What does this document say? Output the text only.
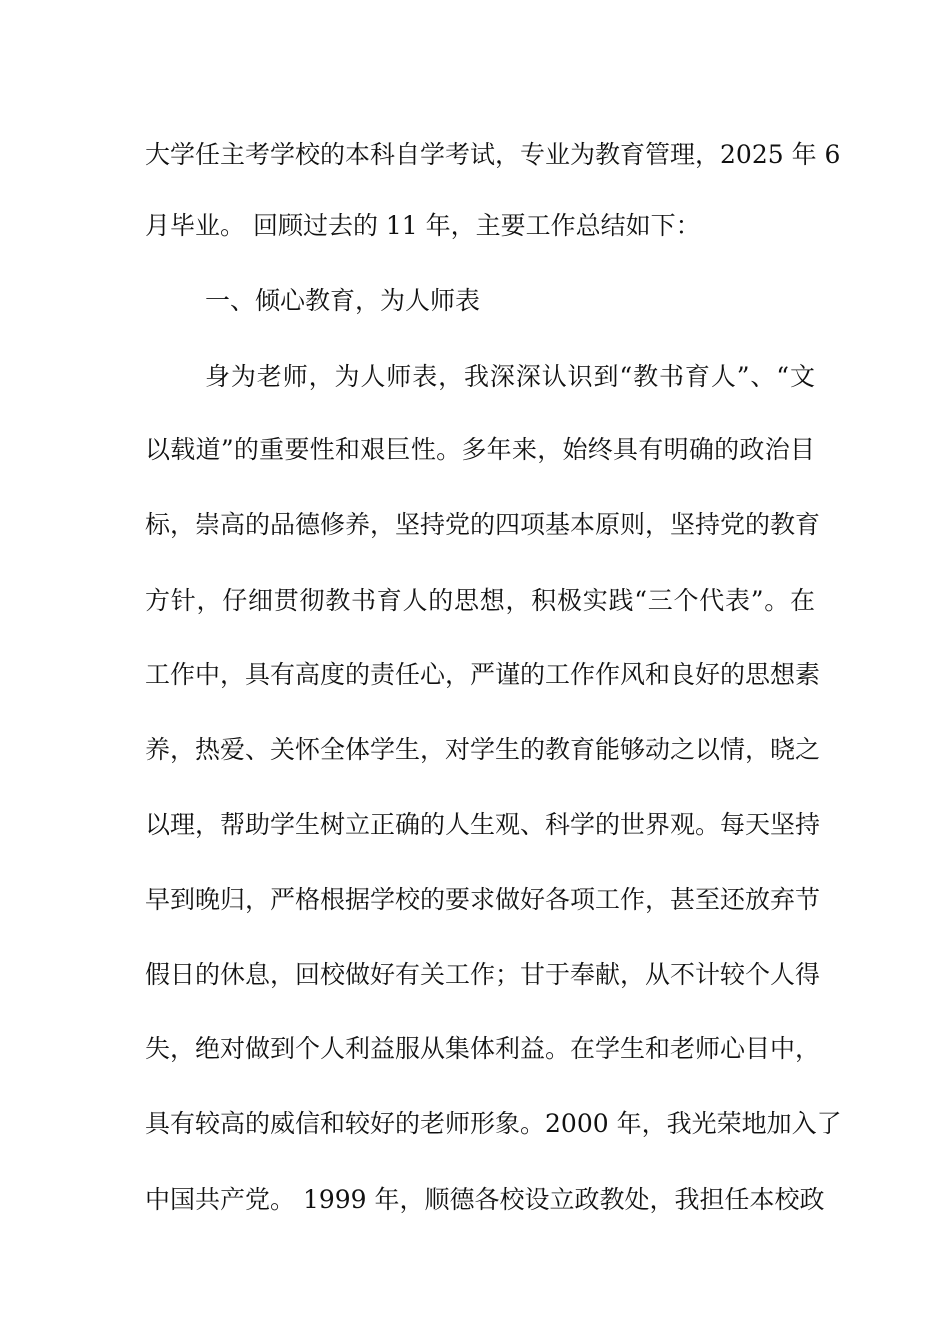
大学任主考学校的本科自学考试，专业为教育管理，2025 年 6
月毕业。 回顾过去的 11 年，主要工作总结如下：
一、倾心教育，为人师表
身为老师，为人师表，我深深认识到“教书育人”、“文
以载道”的重要性和艰巨性。多年来，始终具有明确的政治目
标，崇高的品德修养，坚持党的四项基本原则，坚持党的教育
方针，仔细贯彻教书育人的思想，积极实践“三个代表”。在
工作中，具有高度的责任心，严谨的工作作风和良好的思想素
养，热爱、关怀全体学生，对学生的教育能够动之以情，晓之
以理，帮助学生树立正确的人生观、科学的世界观。每天坚持
早到晚归，严格根据学校的要求做好各项工作，甚至还放弃节
假日的休息，回校做好有关工作；甘于奉献，从不计较个人得
失，绝对做到个人利益服从集体利益。在学生和老师心目中，
具有较高的威信和较好的老师形象。2000 年，我光荣地加入了
中国共产党。 1999 年，顺德各校设立政教处，我担任本校政
